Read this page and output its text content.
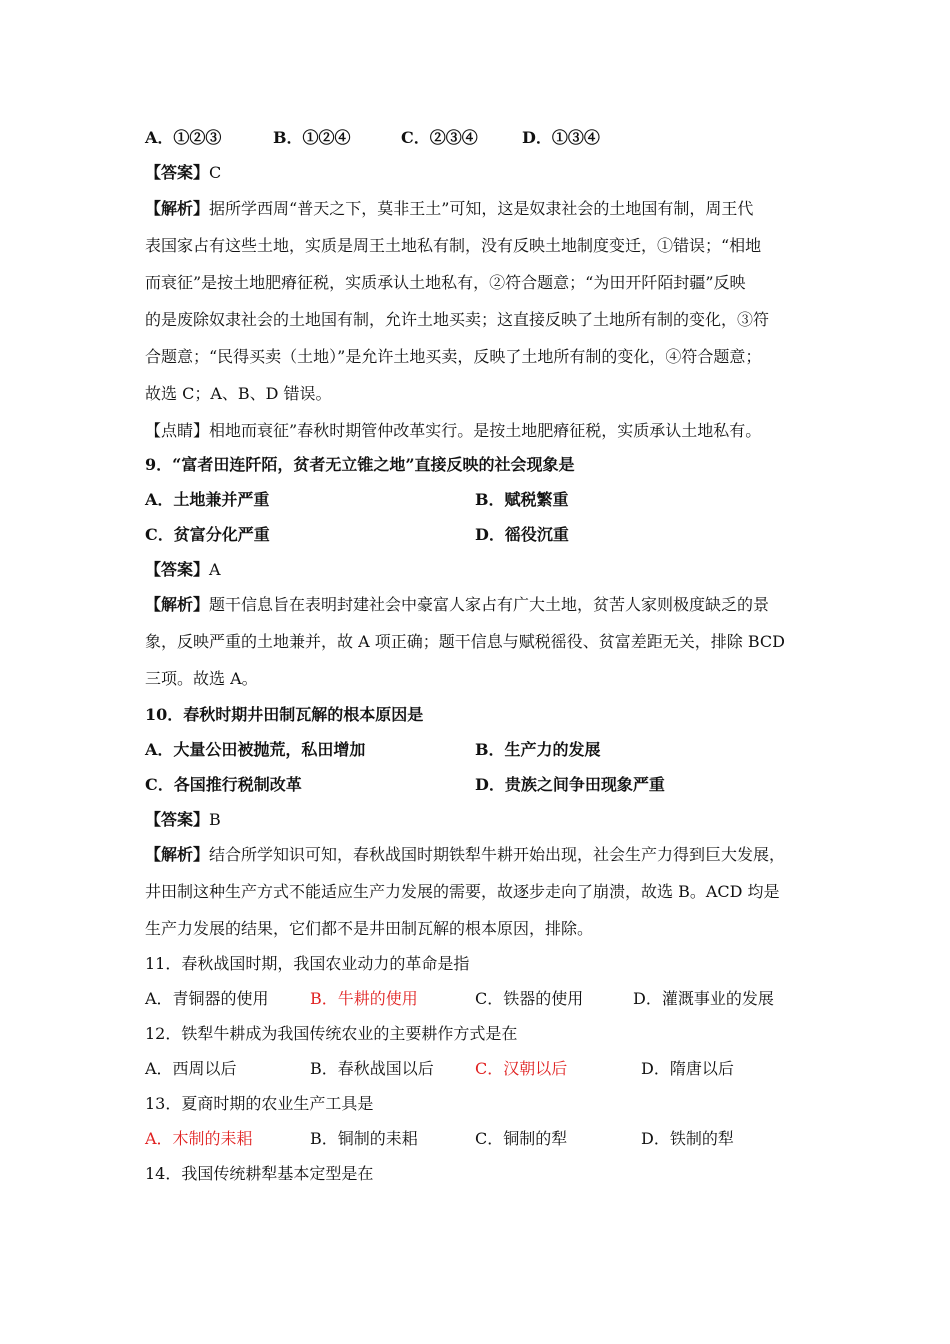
A．①②③	B．①②④	C．②③④	D．①③④
【答案】C
【解析】据所学西周“普天之下，莫非王土”可知，这是奴隶社会的土地国有制，周王代
表国家占有这些土地，实质是周王土地私有制，没有反映土地制度变迁，①错误；“相地
而衰征”是按土地肥瘠征税，实质承认土地私有，②符合题意；“为田开阡陌封疆”反映
的是废除奴隶社会的土地国有制，允许土地买卖；这直接反映了土地所有制的变化，③符
合题意；“民得买卖（土地）”是允许土地买卖，反映了土地所有制的变化，④符合题意；
故选 C；A、B、D 错误。
【点睛】相地而衰征”春秋时期管仲改革实行。是按土地肥瘠征税，实质承认土地私有。
9．“富者田连阡陌，贫者无立锥之地”直接反映的社会现象是
A．土地兼并严重	B．赋税繁重
C．贫富分化严重	D．徭役沉重
【答案】A
【解析】题干信息旨在表明封建社会中豪富人家占有广大土地，贫苦人家则极度缺乏的景
象，反映严重的土地兼并，故 A 项正确；题干信息与赋税徭役、贫富差距无关，排除 BCD
三项。故选 A。
10．春秋时期井田制瓦解的根本原因是
A．大量公田被抛荒，私田增加	B．生产力的发展
C．各国推行税制改革	D．贵族之间争田现象严重
【答案】B
【解析】结合所学知识可知，春秋战国时期铁犁牛耕开始出现，社会生产力得到巨大发展，
井田制这种生产方式不能适应生产力发展的需要，故逐步走向了崩溃，故选 B。ACD 均是
生产力发展的结果，它们都不是井田制瓦解的根本原因，排除。
11．春秋战国时期，我国农业动力的革命是指
A．青铜器的使用	B．牛耕的使用	C．铁器的使用	D．灌溉事业的发展
12．铁犁牛耕成为我国传统农业的主要耕作方式是在
A．西周以后	B．春秋战国以后	C．汉朝以后	D．隋唐以后
13．夏商时期的农业生产工具是
A．木制的耒耜	B．铜制的耒耜	C．铜制的犁	D．铁制的犁
14．我国传统耕犁基本定型是在
